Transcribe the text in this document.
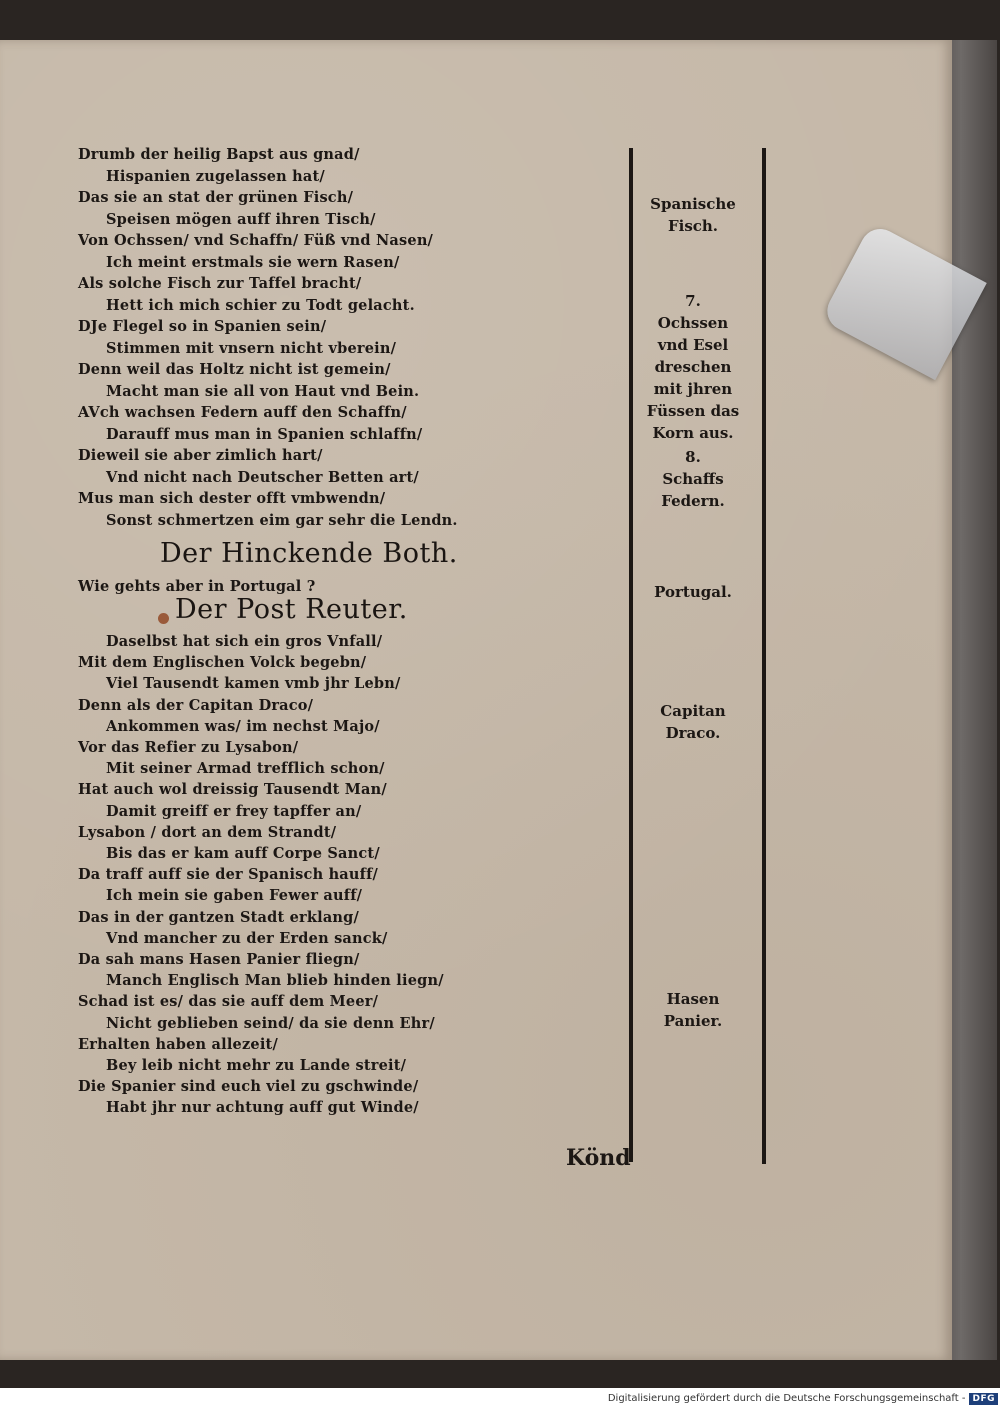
Drumb der heilig Bapst aus gnad/
Hispanien zugelassen hat/
Das sie an stat der grünen Fisch/
Speisen mögen auff ihren Tisch/
Von Ochssen/ vnd Schaffn/ Füß vnd Nasen/
Ich meint erstmals sie wern Rasen/
Als solche Fisch zur Taffel bracht/
Hett ich mich schier zu Todt gelacht.
DJe Flegel so in Spanien sein/
Stimmen mit vnsern nicht vberein/
Denn weil das Holtz nicht ist gemein/
Macht man sie all von Haut vnd Bein.
AVch wachsen Federn auff den Schaffn/
Darauff mus man in Spanien schlaffn/
Dieweil sie aber zimlich hart/
Vnd nicht nach Deutscher Betten art/
Mus man sich dester offt vmbwendn/
Sonst schmertzen eim gar sehr die Lendn.
Der Hinckende Both.
Wie gehts aber in Portugal ?
Der Post Reuter.
Daselbst hat sich ein gros Vnfall/
Mit dem Englischen Volck begebn/
Viel Tausendt kamen vmb jhr Lebn/
Denn als der Capitan Draco/
Ankommen was/ im nechst Majo/
Vor das Refier zu Lysabon/
Mit seiner Armad trefflich schon/
Hat auch wol dreissig Tausendt Man/
Damit greiff er frey tapffer an/
Lysabon / dort an dem Strandt/
Bis das er kam auff Corpe Sanct/
Da traff auff sie der Spanisch hauff/
Ich mein sie gaben Fewer auff/
Das in der gantzen Stadt erklang/
Vnd mancher zu der Erden sanck/
Da sah mans Hasen Panier fliegn/
Manch Englisch Man blieb hinden liegn/
Schad ist es/ das sie auff dem Meer/
Nicht geblieben seind/ da sie denn Ehr/
Erhalten haben allezeit/
Bey leib nicht mehr zu Lande streit/
Die Spanier sind euch viel zu gschwinde/
Habt jhr nur achtung auff gut Winde/
Spanische
Fisch.
7.
Ochssen
vnd Esel
dreschen
mit jhren
Füssen das
Korn aus.
8.
Schaffs
Federn.
Portugal.
Capitan
Draco.
Hasen
Panier.
Könd
Digitalisierung gefördert durch die Deutsche Forschungsgemeinschaft - DFG
